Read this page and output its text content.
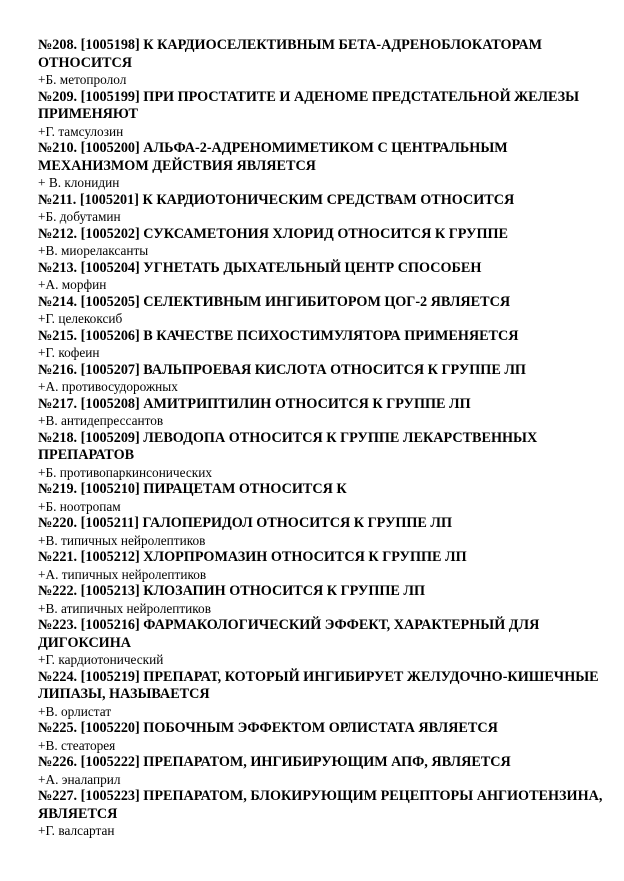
№208. [1005198] К КАРДИОСЕЛЕКТИВНЫМ БЕТА-АДРЕНОБЛОКАТОРАМ ОТНОСИТСЯ

+Б. метопролол

№209. [1005199] ПРИ ПРОСТАТИТЕ И АДЕНОМЕ ПРЕДСТАТЕЛЬНОЙ ЖЕЛЕЗЫ ПРИМЕНЯЮТ

+Г. тамсулозин

№210. [1005200] АЛЬФА-2-АДРЕНОМИМЕТИКОМ С ЦЕНТРАЛЬНЫМ МЕХАНИЗМОМ ДЕЙСТВИЯ ЯВЛЯЕТСЯ

+ В. клонидин

№211. [1005201] К КАРДИОТОНИЧЕСКИМ СРЕДСТВАМ ОТНОСИТСЯ

+Б. добутамин

№212. [1005202] СУКСАМЕТОНИЯ ХЛОРИД ОТНОСИТСЯ К ГРУППЕ

+В. миорелаксанты

№213. [1005204] УГНЕТАТЬ ДЫХАТЕЛЬНЫЙ ЦЕНТР СПОСОБЕН

+А. морфин

№214. [1005205] СЕЛЕКТИВНЫМ ИНГИБИТОРОМ ЦОГ-2 ЯВЛЯЕТСЯ

+Г. целекоксиб

№215. [1005206] В КАЧЕСТВЕ ПСИХОСТИМУЛЯТОРА ПРИМЕНЯЕТСЯ

+Г. кофеин

№216. [1005207] ВАЛЬПРОЕВАЯ КИСЛОТА ОТНОСИТСЯ К ГРУППЕ ЛП

+А. противосудорожных

№217. [1005208] АМИТРИПТИЛИН ОТНОСИТСЯ К ГРУППЕ ЛП

+В. антидепрессантов

№218. [1005209] ЛЕВОДОПА ОТНОСИТСЯ К ГРУППЕ ЛЕКАРСТВЕННЫХ ПРЕПАРАТОВ

+Б. противопаркинсонических

№219. [1005210] ПИРАЦЕТАМ ОТНОСИТСЯ К

+Б. ноотропам

№220. [1005211] ГАЛОПЕРИДОЛ ОТНОСИТСЯ К ГРУППЕ ЛП

+В. типичных нейролептиков

№221. [1005212] ХЛОРПРОМАЗИН ОТНОСИТСЯ К ГРУППЕ ЛП

+А. типичных нейролептиков

№222. [1005213] КЛОЗАПИН ОТНОСИТСЯ К ГРУППЕ ЛП

+В. атипичных нейролептиков

№223. [1005216] ФАРМАКОЛОГИЧЕСКИЙ ЭФФЕКТ, ХАРАКТЕРНЫЙ ДЛЯ ДИГОКСИНА

+Г. кардиотонический

№224. [1005219] ПРЕПАРАТ, КОТОРЫЙ ИНГИБИРУЕТ ЖЕЛУДОЧНО-КИШЕЧНЫЕ ЛИПАЗЫ, НАЗЫВАЕТСЯ

+В. орлистат

№225. [1005220] ПОБОЧНЫМ ЭФФЕКТОМ ОРЛИСТАТА ЯВЛЯЕТСЯ

+В. стеаторея

№226. [1005222] ПРЕПАРАТОМ, ИНГИБИРУЮЩИМ АПФ, ЯВЛЯЕТСЯ

+А. эналаприл

№227. [1005223] ПРЕПАРАТОМ, БЛОКИРУЮЩИМ РЕЦЕПТОРЫ АНГИОТЕНЗИНА, ЯВЛЯЕТСЯ

+Г. валсартан
